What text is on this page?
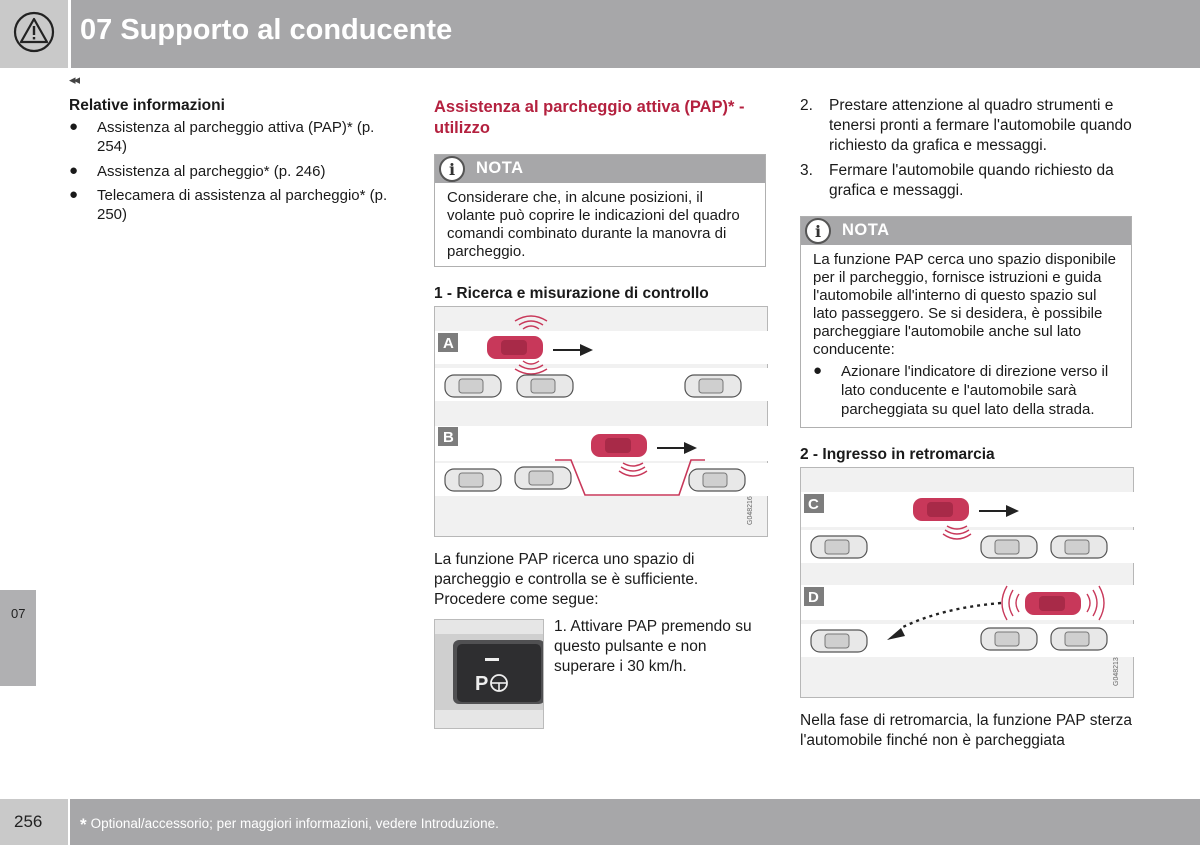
07 Supporto al conducente
◂◂
07
Relative informazioni
● Assistenza al parcheggio attiva (PAP)* (p. 254)
● Assistenza al parcheggio* (p. 246)
● Telecamera di assistenza al parcheggio* (p. 250)
Assistenza al parcheggio attiva (PAP)* - utilizzo
i	NOTA
Considerare che, in alcune posizioni, il volante può coprire le indicazioni del quadro comandi combinato durante la manovra di parcheggio.
1 - Ricerca e misurazione di controllo
A
B
G048216
La funzione PAP ricerca uno spazio di parcheggio e controlla se è sufficiente. Procedere come segue:
P
1. Attivare PAP premendo su questo pulsante e non superare i 30 km/h.
2. Prestare attenzione al quadro strumenti e tenersi pronti a fermare l'automobile quando richiesto da grafica e messaggi.
3. Fermare l'automobile quando richiesto da grafica e messaggi.
i	NOTA
La funzione PAP cerca uno spazio disponibile per il parcheggio, fornisce istruzioni e guida l'automobile all'interno di questo spazio sul lato passeggero. Se si desidera, è possibile parcheggiare l'automobile anche sul lato conducente:
● Azionare l'indicatore di direzione verso il lato conducente e l'automobile sarà parcheggiata su quel lato della strada.
2 - Ingresso in retromarcia
C
D
G048213
Nella fase di retromarcia, la funzione PAP sterza l'automobile finché non è parcheggiata
256 * Optional/accessorio; per maggiori informazioni, vedere Introduzione.
